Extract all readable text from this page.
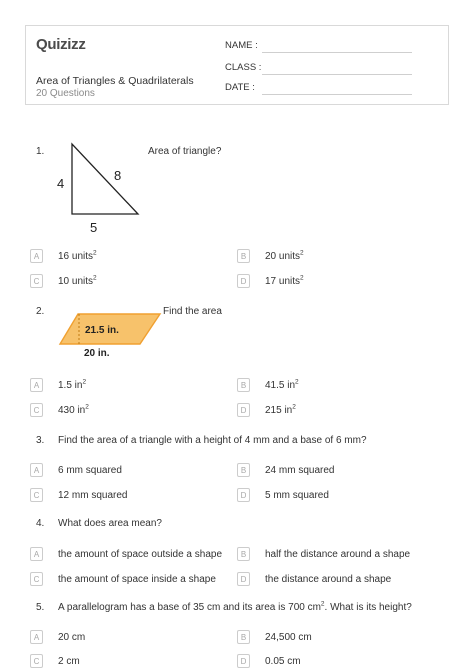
Quizizz
Area of Triangles & Quadrilaterals
20 Questions
NAME :
CLASS :
DATE :
1.
4
8
5
Area of triangle?
A	16 units$^2$	B	20 units$^2$
C	10 units$^2$	D	17 units$^2$
2.
21.5 in.
20 in.
Find the area
A	1.5 $in^2$	B	41.5 $in^2$
C	430 $in^2$	D	215 $in^2$
3. Find the area of a triangle with a height of 4 mm and a base of 6 mm?
A	6 mm squared	B	24 mm squared
C	12 mm squared	D	5 mm squared
4. What does area mean?
A	the amount of space outside a shape	B	half the distance around a shape
C	the amount of space inside a shape	D	the distance around a shape
5. A parallelogram has a base of 35 cm and its area is 700 $cm^2$. What is its height?
A	20 cm	B	24,500 cm
C	2 cm	D	0.05 cm
